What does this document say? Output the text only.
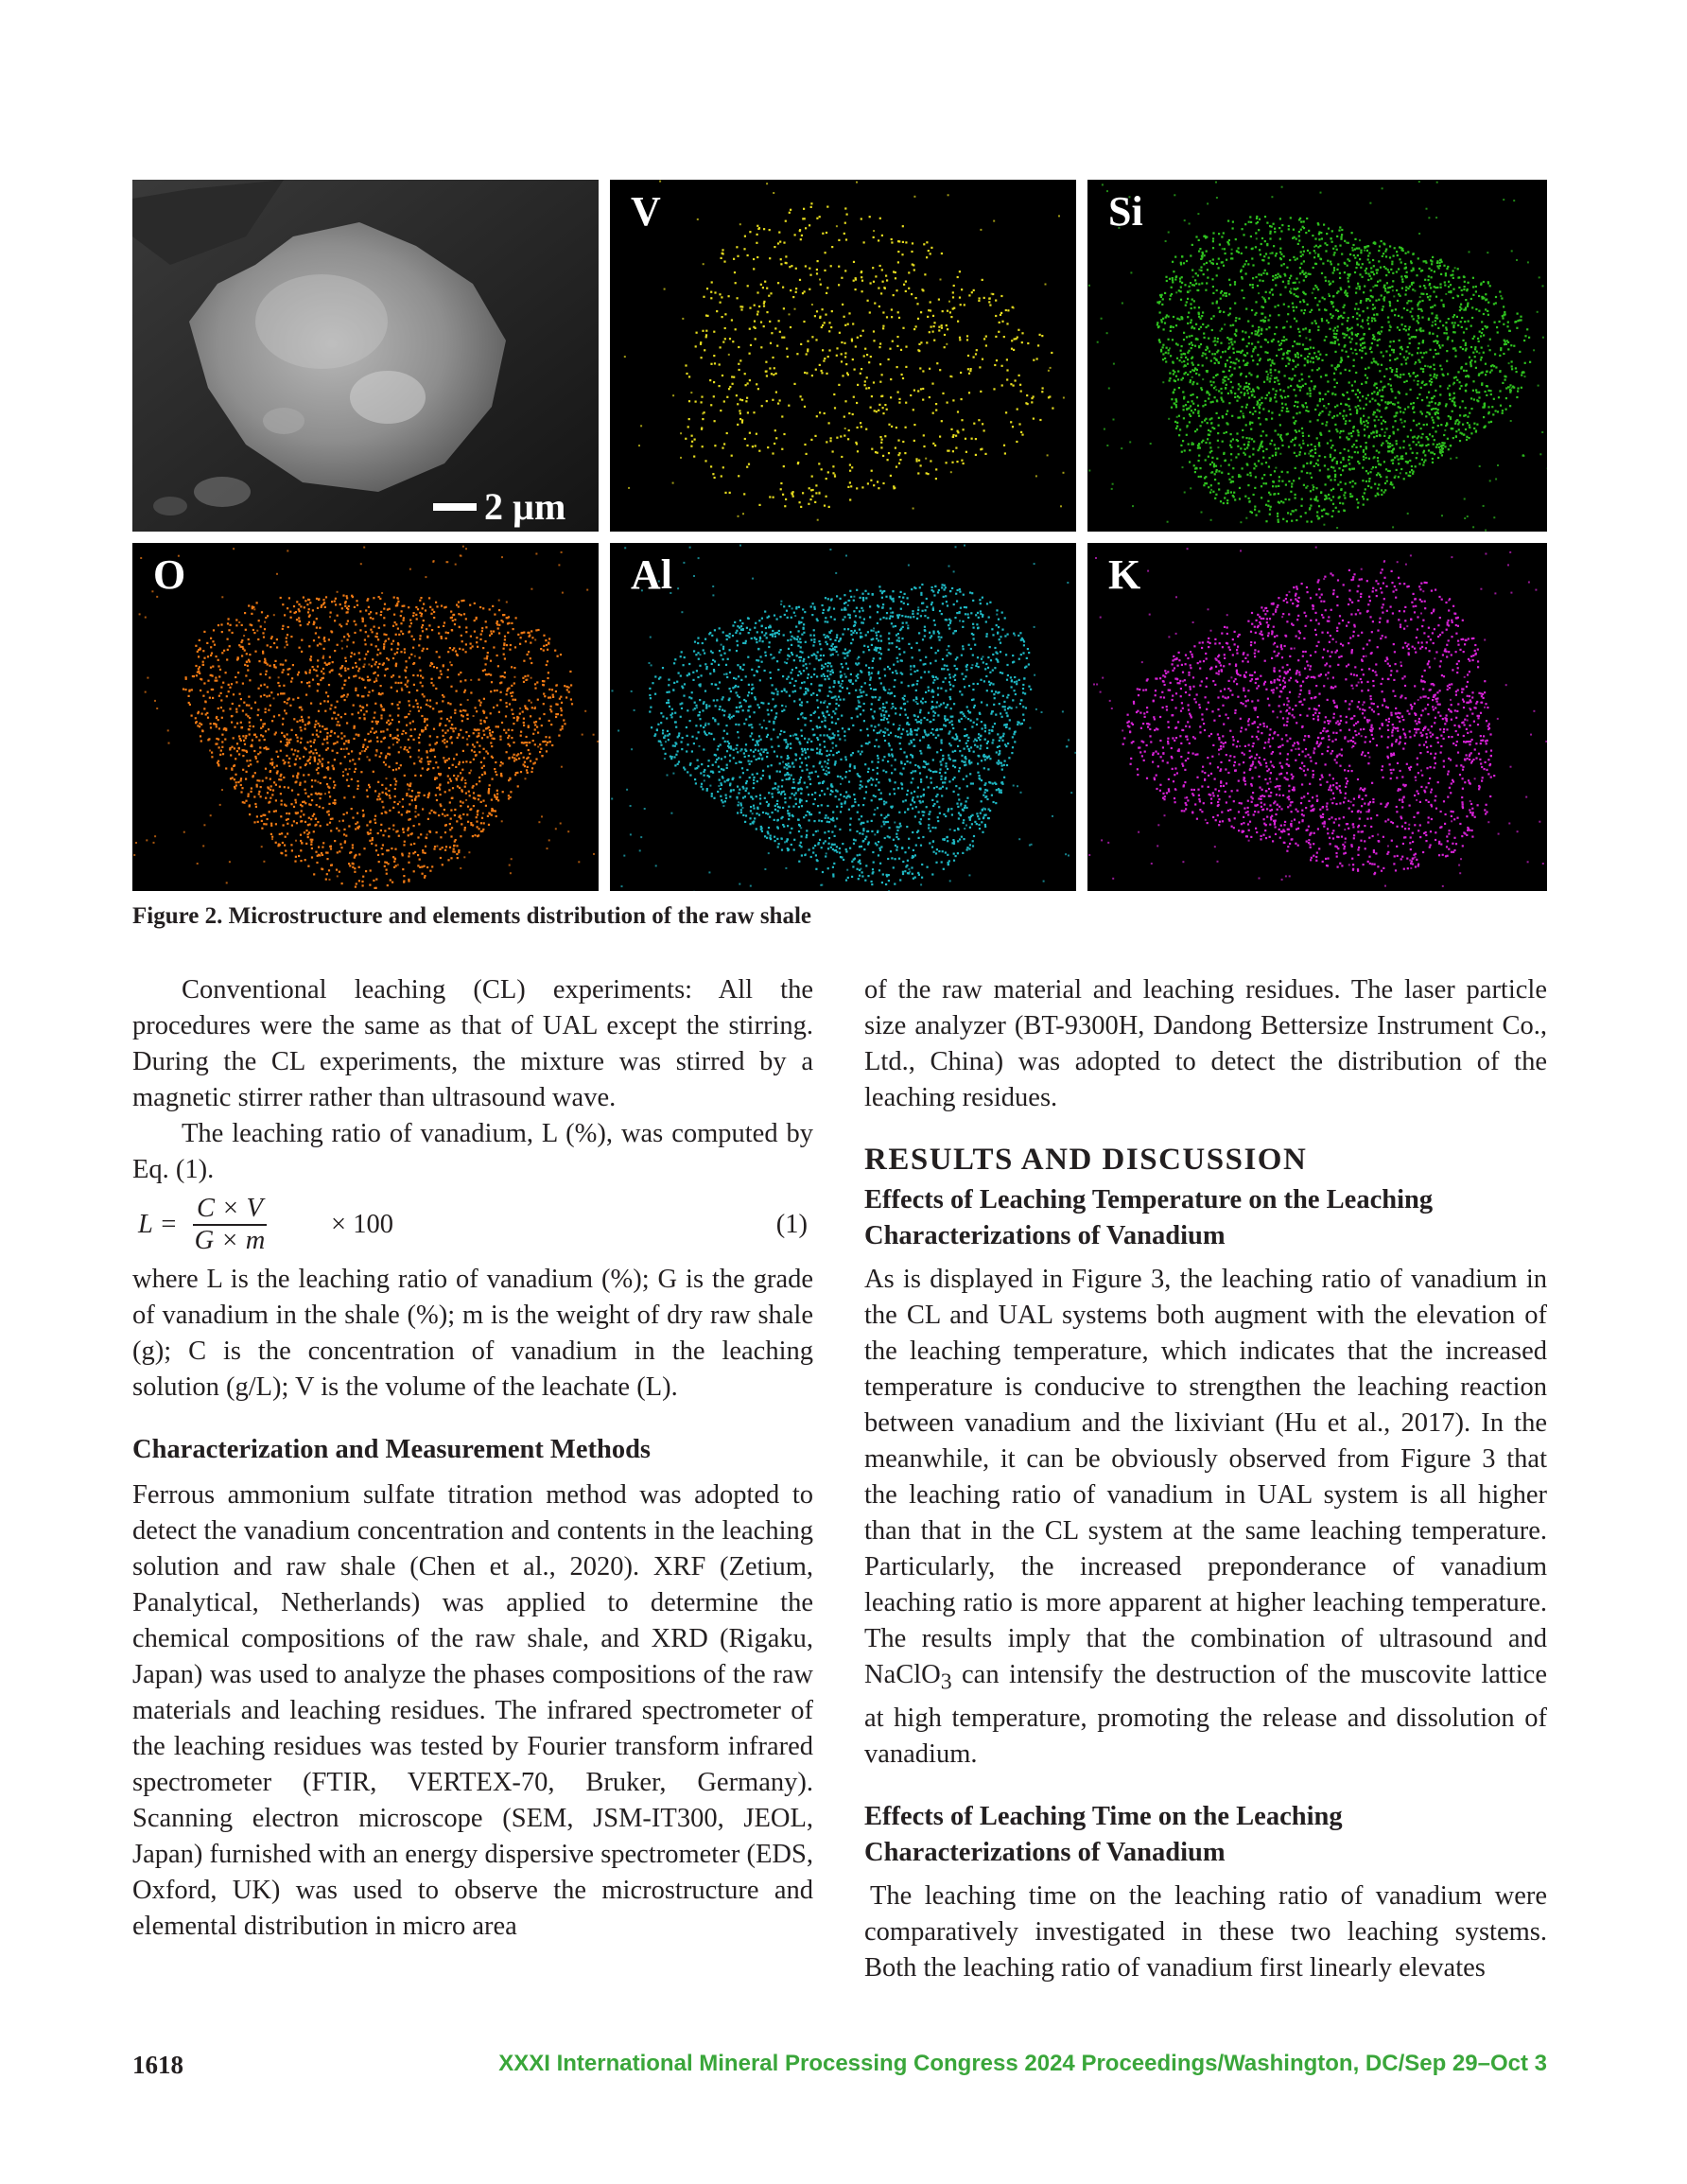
2 µm
V	Si
O	Al	K
Figure 2. Microstructure and elements distribution of the raw shale

Conventional leaching (CL) experiments: All the procedures were the same as that of UAL except the stirring. During the CL experiments, the mixture was stirred by a magnetic stirrer rather than ultrasound wave.

The leaching ratio of vanadium, L (%), was computed by Eq. (1).

$L = \frac{C \times V}{G \times m} \times 100$	(1)

where L is the leaching ratio of vanadium (%); G is the grade of vanadium in the shale (%); m is the weight of dry raw shale (g); C is the concentration of vanadium in the leaching solution (g/L); V is the volume of the leachate (L).

Characterization and Measurement Methods

Ferrous ammonium sulfate titration method was adopted to detect the vanadium concentration and contents in the leaching solution and raw shale (Chen et al., 2020). XRF (Zetium, Panalytical, Netherlands) was applied to determine the chemical compositions of the raw shale, and XRD (Rigaku, Japan) was used to analyze the phases compositions of the raw materials and leaching residues. The infrared spectrometer of the leaching residues was tested by Fourier transform infrared spectrometer (FTIR, VERTEX-70, Bruker, Germany). Scanning electron microscope (SEM, JSM-IT300, JEOL, Japan) furnished with an energy dispersive spectrometer (EDS, Oxford, UK) was used to observe the microstructure and elemental distribution in micro area

of the raw material and leaching residues. The laser particle size analyzer (BT-9300H, Dandong Bettersize Instrument Co., Ltd., China) was adopted to detect the distribution of the leaching residues.

RESULTS AND DISCUSSION
Effects of Leaching Temperature on the Leaching Characterizations of Vanadium

As is displayed in Figure 3, the leaching ratio of vanadium in the CL and UAL systems both augment with the elevation of the leaching temperature, which indicates that the increased temperature is conducive to strengthen the leaching reaction between vanadium and the lixiviant (Hu et al., 2017). In the meanwhile, it can be obviously observed from Figure 3 that the leaching ratio of vanadium in UAL system is all higher than that in the CL system at the same leaching temperature. Particularly, the increased preponderance of vanadium leaching ratio is more apparent at higher leaching temperature. The results imply that the combination of ultrasound and NaClO$_3$ can intensify the destruction of the muscovite lattice at high temperature, promoting the release and dissolution of vanadium.

Effects of Leaching Time on the Leaching Characterizations of Vanadium

The leaching time on the leaching ratio of vanadium were comparatively investigated in these two leaching systems. Both the leaching ratio of vanadium first linearly elevates

1618	XXXI International Mineral Processing Congress 2024 Proceedings/Washington, DC/Sep 29–Oct 3
